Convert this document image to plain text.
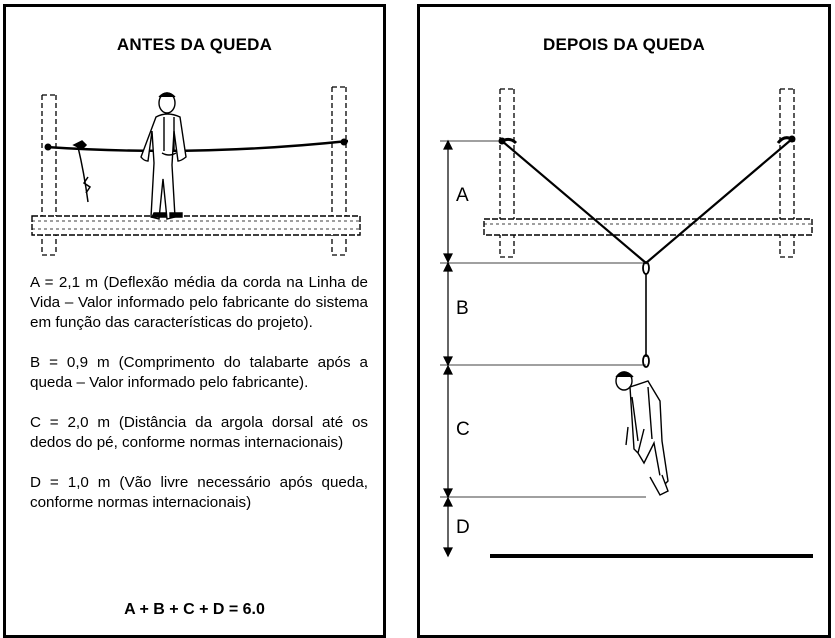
ANTES DA QUEDA

A = 2,1 m (Deflexão média da corda na Linha de Vida – Valor informado pelo fabricante do sistema em função das características do projeto).

B = 0,9 m (Comprimento do talabarte após a queda – Valor informado pelo fabricante).

C = 2,0 m (Distância da argola dorsal até os dedos do pé, conforme normas internacionais)

D = 1,0 m (Vão livre necessário após queda, conforme normas internacionais)

A + B + C + D = 6.0
DEPOIS DA QUEDA
A
B
C
D
